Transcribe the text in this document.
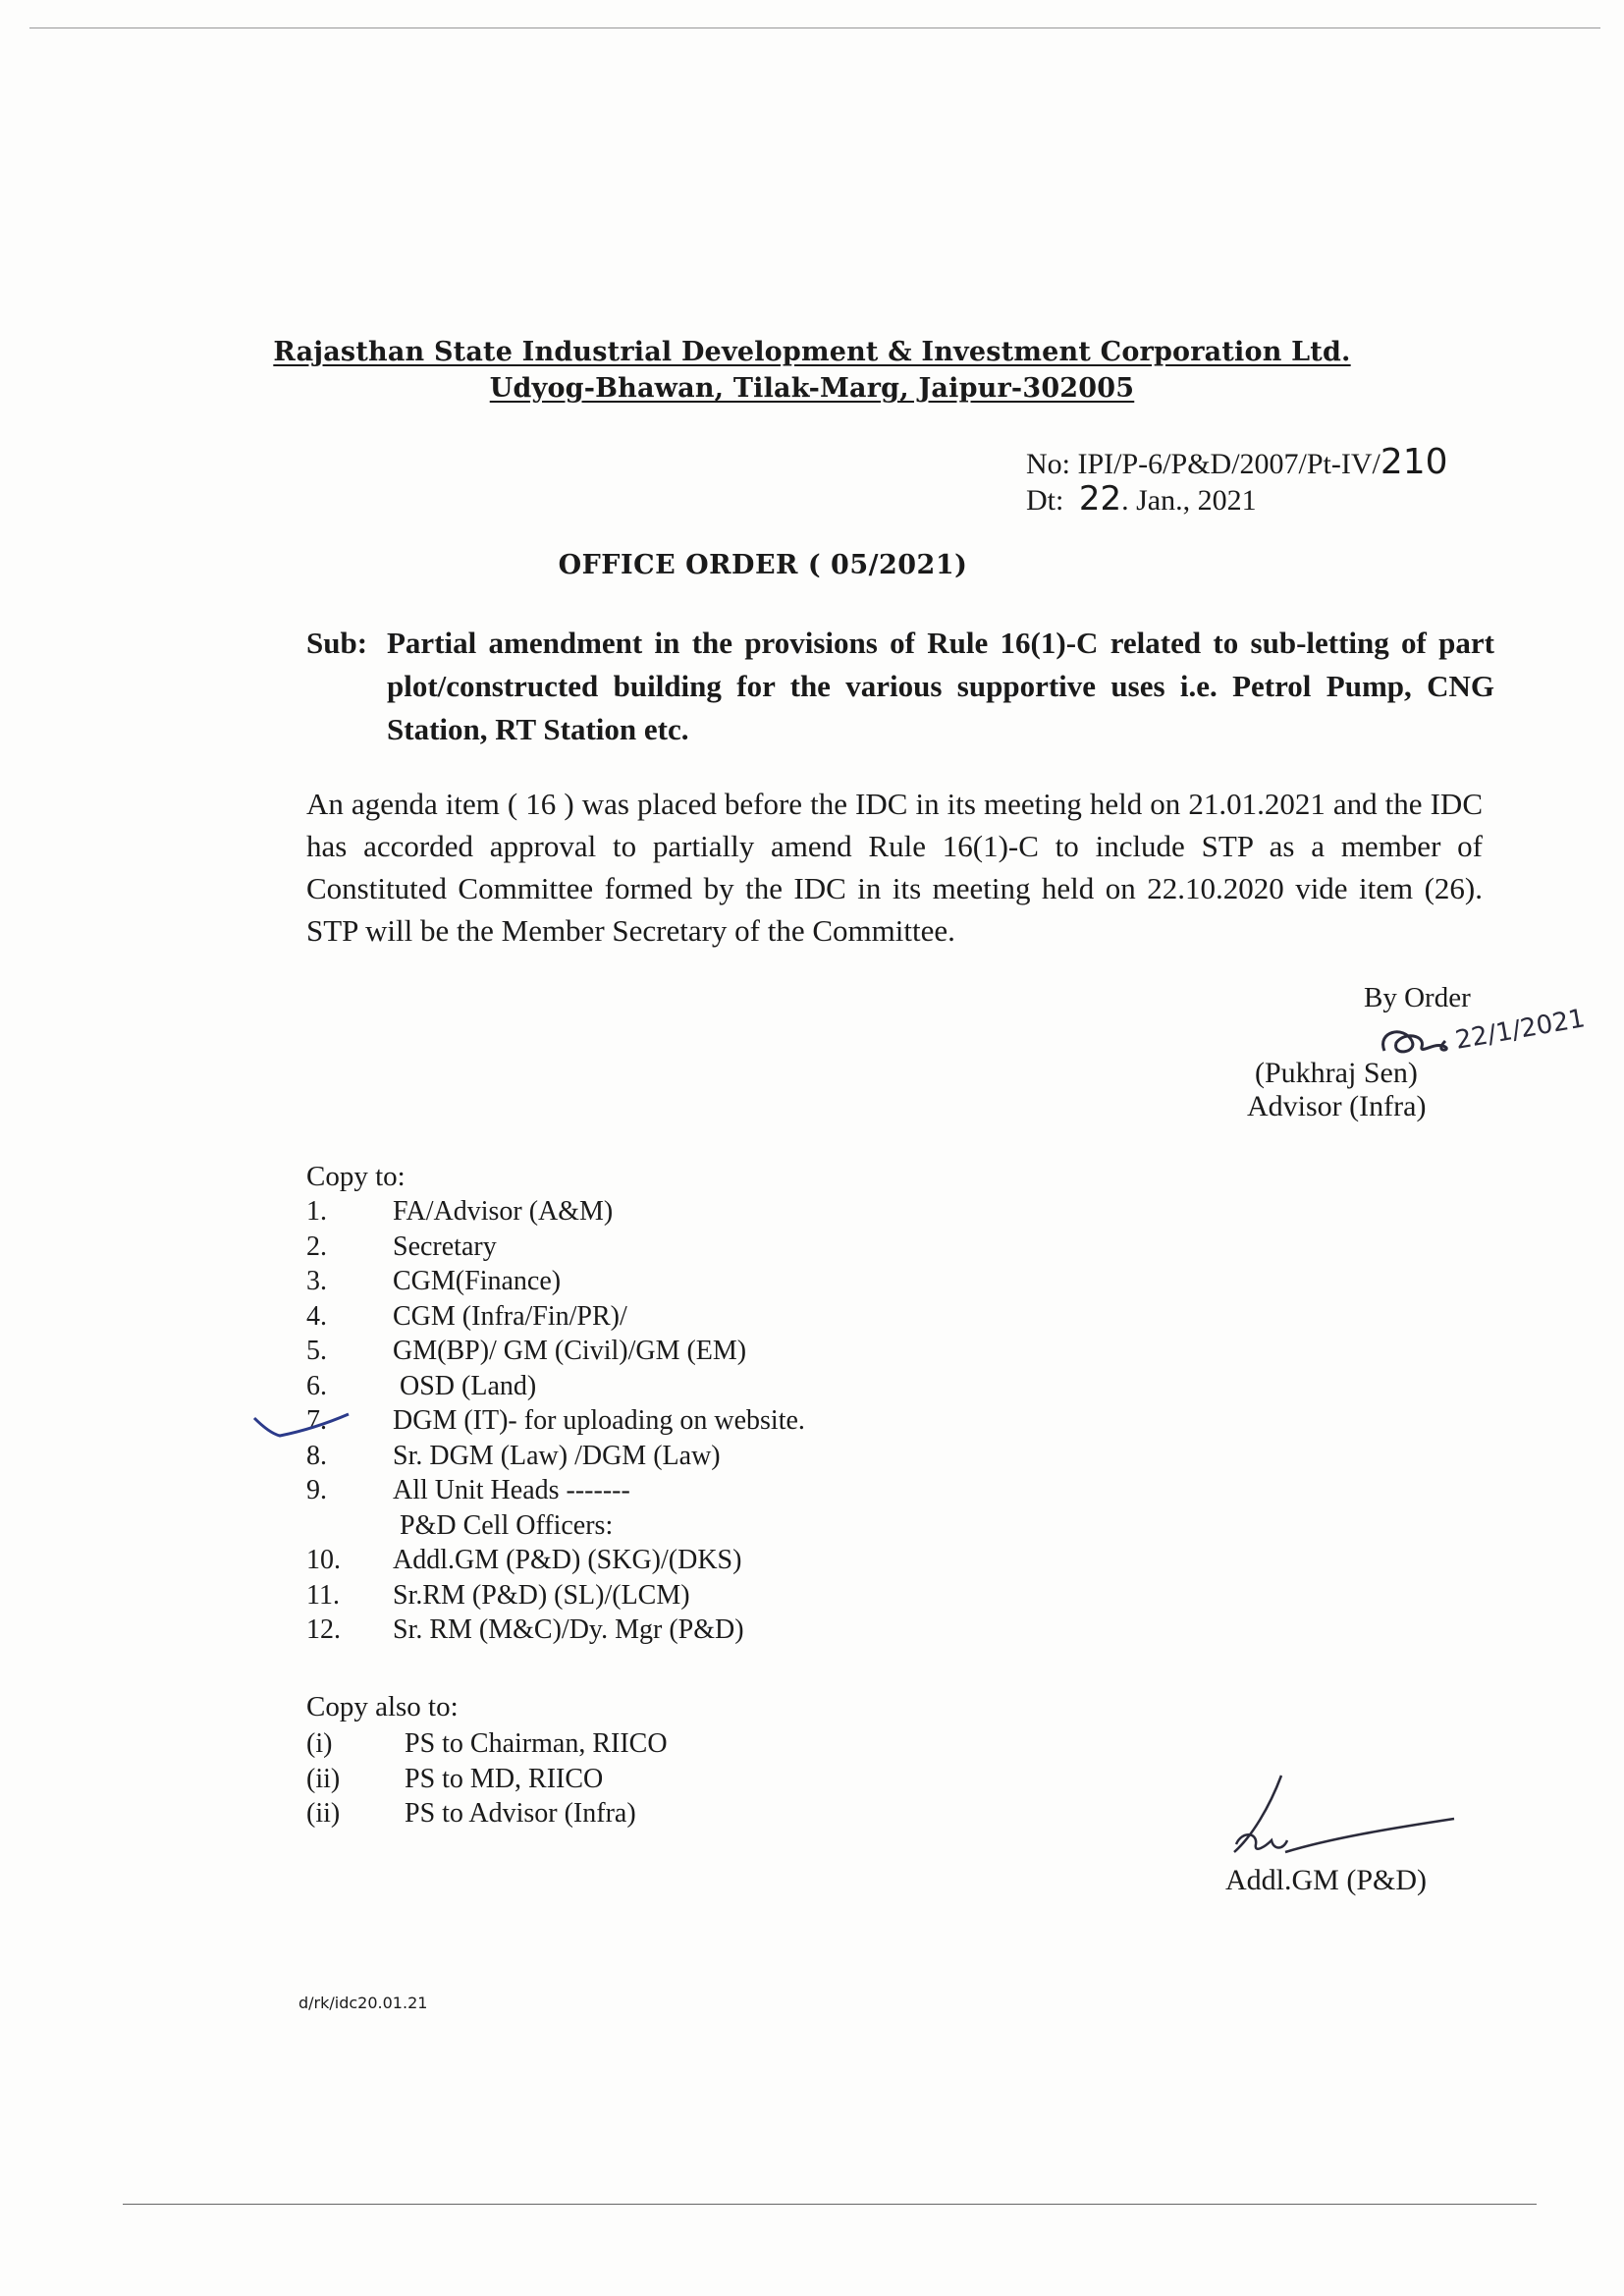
Rajasthan State Industrial Development & Investment Corporation Ltd.
Udyog-Bhawan, Tilak-Marg, Jaipur-302005
No: IPI/P-6/P&D/2007/Pt-IV/210
Dt: 22. Jan., 2021
OFFICE ORDER ( 05/2021)
Sub: Partial amendment in the provisions of Rule 16(1)-C related to sub-letting of part plot/constructed building for the various supportive uses i.e. Petrol Pump, CNG Station, RT Station etc.
An agenda item ( 16 ) was placed before the IDC in its meeting held on 21.01.2021 and the IDC has accorded approval to partially amend Rule 16(1)-C to include STP as a member of Constituted Committee formed by the IDC in its meeting held on 22.10.2020 vide item (26). STP will be the Member Secretary of the Committee.
By Order
22/1/2021
(Pukhraj Sen)
Advisor (Infra)
Copy to:
1. FA/Advisor (A&M)
2. Secretary
3. CGM(Finance)
4. CGM (Infra/Fin/PR)/
5. GM(BP)/ GM (Civil)/GM (EM)
6.	OSD (Land)
7. DGM (IT)- for uploading on website.
8. Sr. DGM (Law) /DGM (Law)
9. All Unit Heads -------
P&D Cell Officers:
10. Addl.GM (P&D) (SKG)/(DKS)
11. Sr.RM (P&D) (SL)/(LCM)
12. Sr. RM (M&C)/Dy. Mgr (P&D)
Copy also to:
(i)	PS to Chairman, RIICO
(ii) PS to MD, RIICO
(ii) PS to Advisor (Infra)
Addl.GM (P&D)
d/rk/idc20.01.21
